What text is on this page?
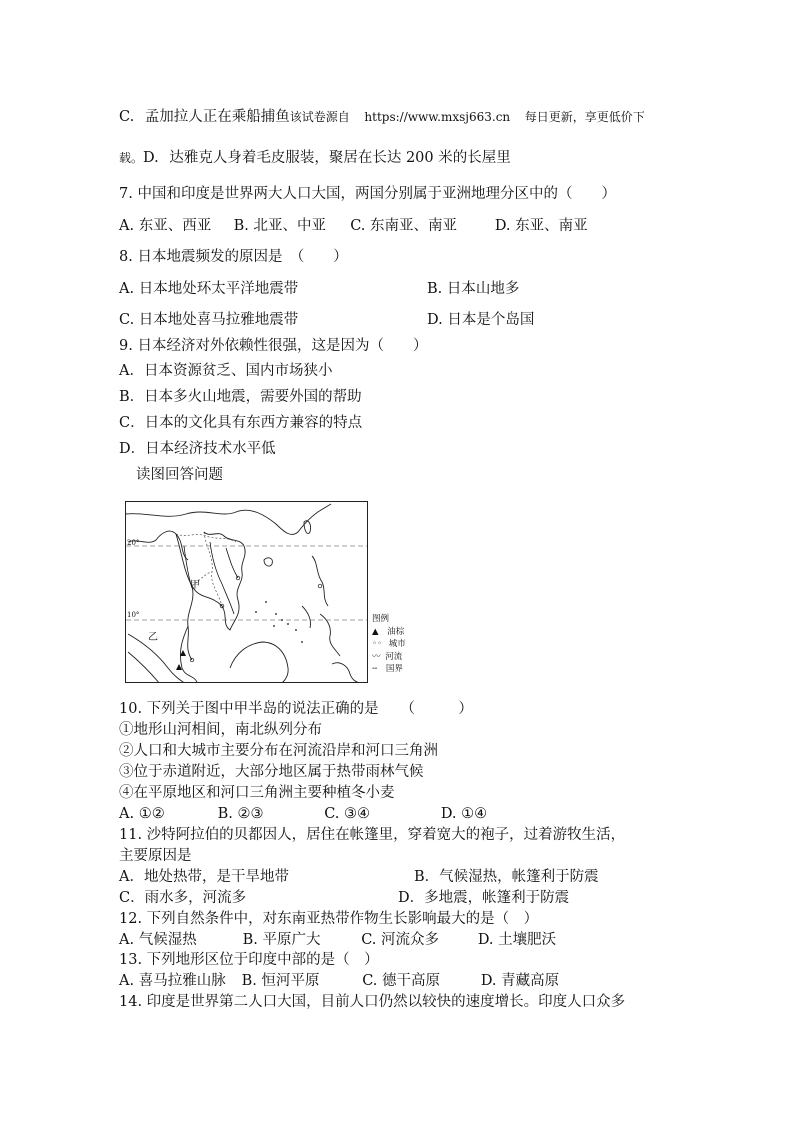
C. 孟加拉人正在乘船捕鱼该试卷源自 https://www.mxsj663.cn 每日更新，享更低价下
载。D. 达雅克人身着毛皮服装，聚居在长达 200 米的长屋里
7. 中国和印度是世界两大人口大国，两国分别属于亚洲地理分区中的（　　）
A. 东亚、西亚 B. 北亚、中亚 C. 东南亚、南亚	D. 东亚、南亚
8. 日本地震频发的原因是　（　　）
A. 日本地处环太平洋地震带	B. 日本山地多
C. 日本地处喜马拉雅地震带	D. 日本是个岛国
9. 日本经济对外依赖性很强，这是因为（　　）
A．日本资源贫乏、国内市场狭小
B．日本多火山地震，需要外国的帮助
C．日本的文化具有东西方兼容的特点
D．日本经济技术水平低
读图回答问题
20°
10°
甲
乙
图例
▲ 油棕
◦◦ 城市
〰 河流
╌ 国界
10. 下列关于图中甲半岛的说法正确的是　　（　　　）
①地形山河相间，南北纵列分布
②人口和大城市主要分布在河流沿岸和河口三角洲
③位于赤道附近，大部分地区属于热带雨林气候
④在平原地区和河口三角洲主要种植冬小麦
A. ①②	B. ②③	C. ③④	D. ①④
11. 沙特阿拉伯的贝都因人，居住在帐篷里，穿着宽大的袍子，过着游牧生活，
主要原因是
A．地处热带，是干旱地带	B．气候湿热，帐篷利于防震
C．雨水多，河流多	D．多地震，帐篷利于防震
12. 下列自然条件中，对东南亚热带作物生长影响最大的是（　）
A. 气候湿热	B. 平原广大	C. 河流众多	D. 土壤肥沃
13. 下列地形区位于印度中部的是（　）
A. 喜马拉雅山脉 B. 恒河平原	C. 德干高原	D. 青藏高原
14. 印度是世界第二人口大国，目前人口仍然以较快的速度增长。印度人口众多
